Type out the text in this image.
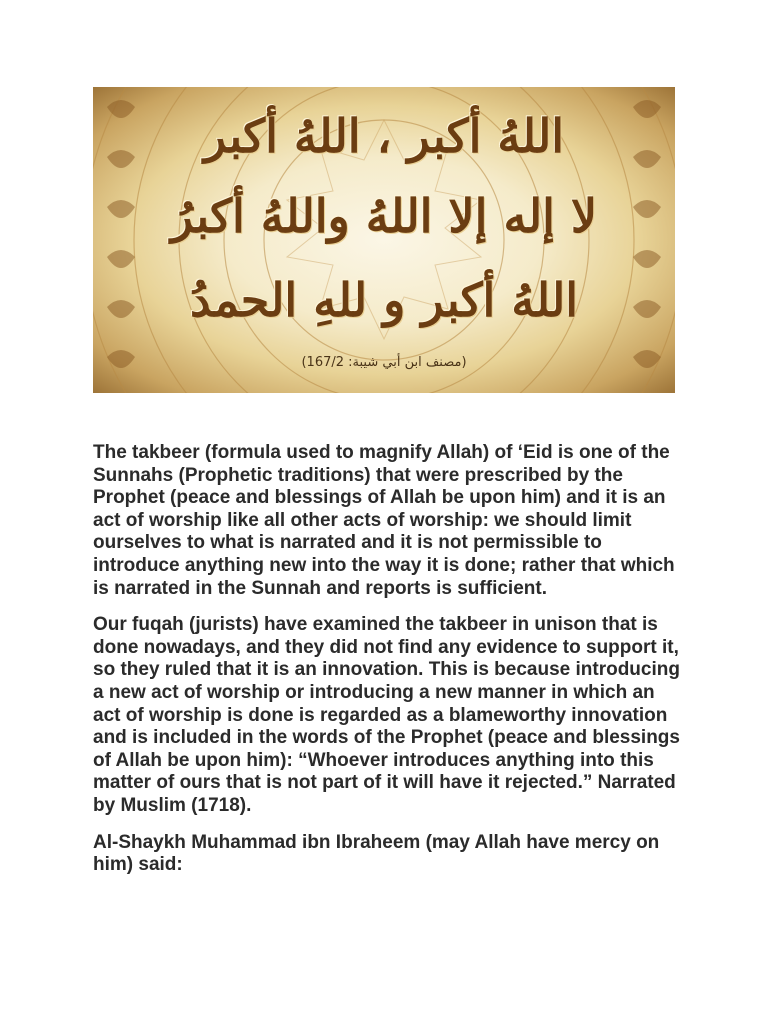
اللهُ أكبر ، اللهُ أكبر
لا إله إلا اللهُ واللهُ أكبرُ
اللهُ أكبر و للهِ الحمدُ
(مصنف ابن أبي شيبة: 167/2)

The takbeer (formula used to magnify Allah) of ‘Eid is one of the Sunnahs (Prophetic traditions) that were prescribed by the Prophet (peace and blessings of Allah be upon him) and it is an act of worship like all other acts of worship: we should limit ourselves to what is narrated and it is not permissible to introduce anything new into the way it is done; rather that which is narrated in the Sunnah and reports is sufficient.

Our fuqah (jurists) have examined the takbeer in unison that is done nowadays, and they did not find any evidence to support it, so they ruled that it is an innovation. This is because introducing a new act of worship or introducing a new manner in which an act of worship is done is regarded as a blameworthy innovation and is included in the words of the Prophet (peace and blessings of Allah be upon him): “Whoever introduces anything into this matter of ours that is not part of it will have it rejected.” Narrated by Muslim (1718).

Al-Shaykh Muhammad ibn Ibraheem (may Allah have mercy on him) said:
